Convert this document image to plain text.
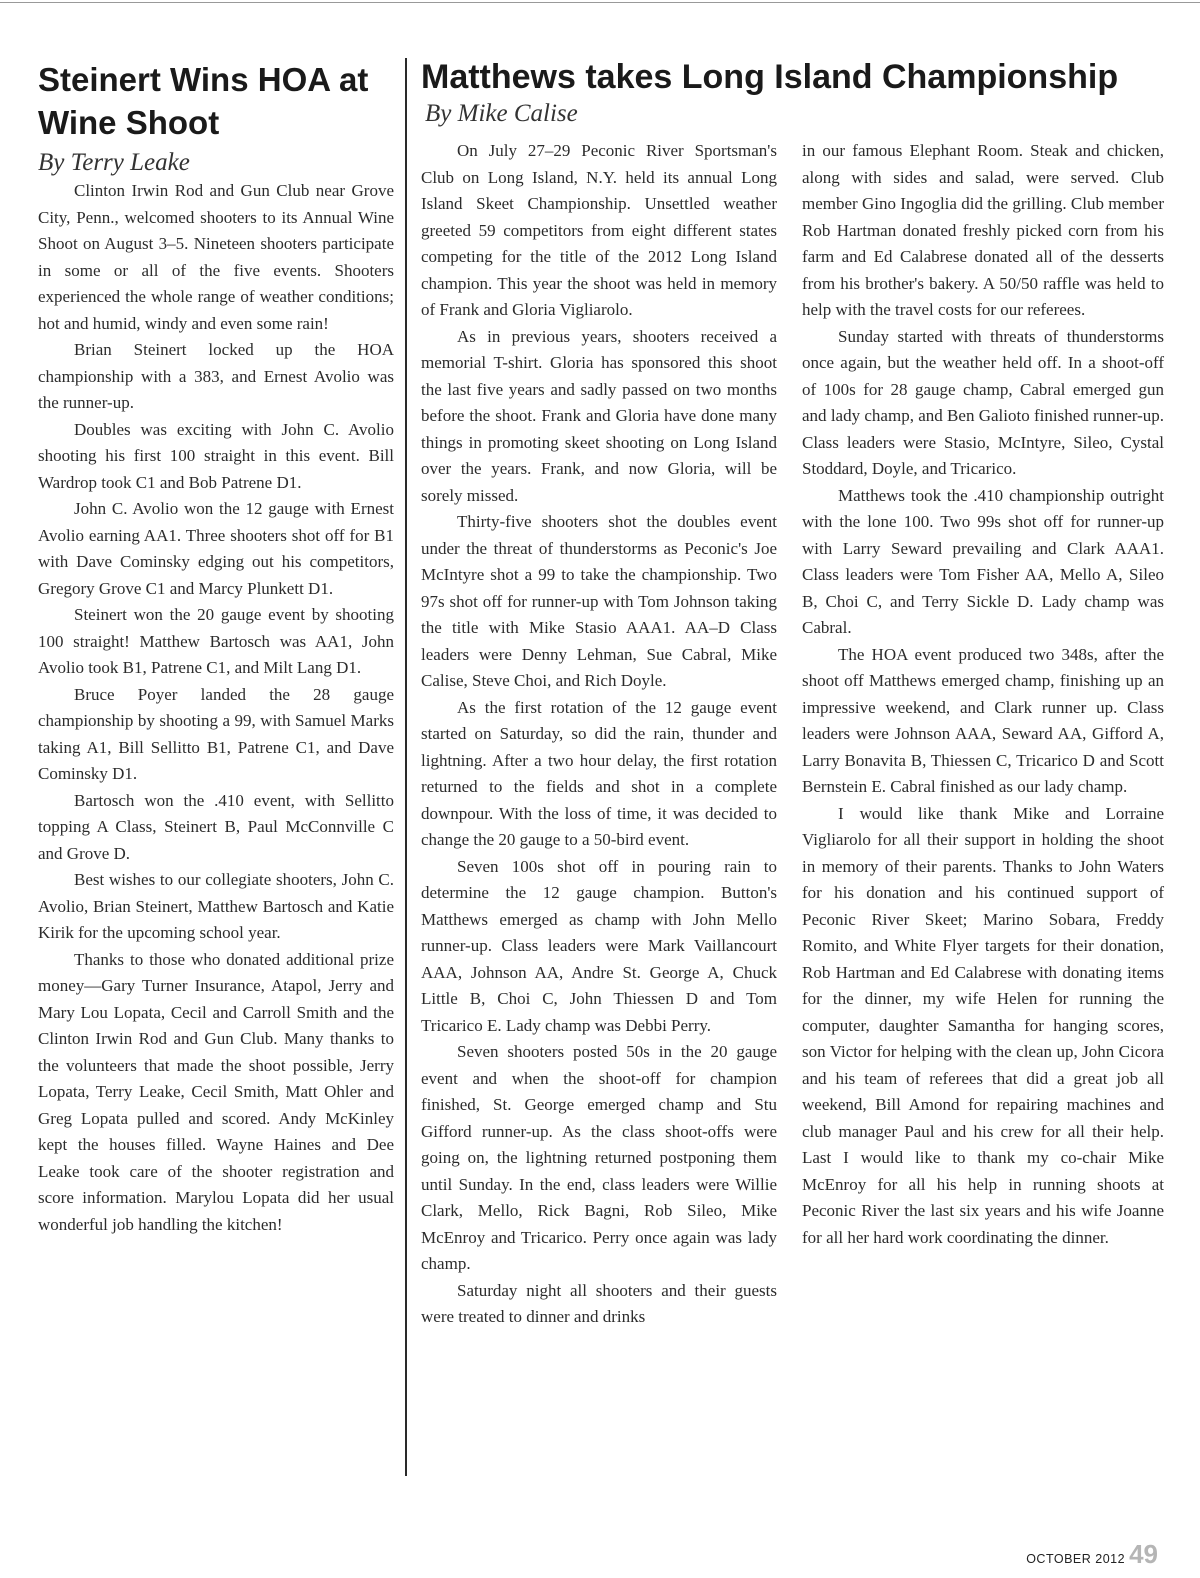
Steinert Wins HOA at Wine Shoot
By Terry Leake

Clinton Irwin Rod and Gun Club near Grove City, Penn., welcomed shooters to its Annual Wine Shoot on August 3–5. Nineteen shooters participate in some or all of the five events. Shooters experienced the whole range of weather conditions; hot and humid, windy and even some rain!

Brian Steinert locked up the HOA championship with a 383, and Ernest Avolio was the runner-up.

Doubles was exciting with John C. Avolio shooting his first 100 straight in this event. Bill Wardrop took C1 and Bob Patrene D1.

John C. Avolio won the 12 gauge with Ernest Avolio earning AA1. Three shooters shot off for B1 with Dave Cominsky edging out his competitors, Gregory Grove C1 and Marcy Plunkett D1.

Steinert won the 20 gauge event by shooting 100 straight! Matthew Bartosch was AA1, John Avolio took B1, Patrene C1, and Milt Lang D1.

Bruce Poyer landed the 28 gauge championship by shooting a 99, with Samuel Marks taking A1, Bill Sellitto B1, Patrene C1, and Dave Cominsky D1.

Bartosch won the .410 event, with Sellitto topping A Class, Steinert B, Paul McConnville C and Grove D.

Best wishes to our collegiate shooters, John C. Avolio, Brian Steinert, Matthew Bartosch and Katie Kirik for the upcoming school year.

Thanks to those who donated additional prize money—Gary Turner Insurance, Atapol, Jerry and Mary Lou Lopata, Cecil and Carroll Smith and the Clinton Irwin Rod and Gun Club. Many thanks to the volunteers that made the shoot possible, Jerry Lopata, Terry Leake, Cecil Smith, Matt Ohler and Greg Lopata pulled and scored. Andy McKinley kept the houses filled. Wayne Haines and Dee Leake took care of the shooter registration and score information. Marylou Lopata did her usual wonderful job handling the kitchen!

Matthews takes Long Island Championship
By Mike Calise

On July 27–29 Peconic River Sportsman's Club on Long Island, N.Y. held its annual Long Island Skeet Championship. Unsettled weather greeted 59 competitors from eight different states competing for the title of the 2012 Long Island champion. This year the shoot was held in memory of Frank and Gloria Vigliarolo.

As in previous years, shooters received a memorial T-shirt. Gloria has sponsored this shoot the last five years and sadly passed on two months before the shoot. Frank and Gloria have done many things in promoting skeet shooting on Long Island over the years. Frank, and now Gloria, will be sorely missed.

Thirty-five shooters shot the doubles event under the threat of thunderstorms as Peconic's Joe McIntyre shot a 99 to take the championship. Two 97s shot off for runner-up with Tom Johnson taking the title with Mike Stasio AAA1. AA–D Class leaders were Denny Lehman, Sue Cabral, Mike Calise, Steve Choi, and Rich Doyle.

As the first rotation of the 12 gauge event started on Saturday, so did the rain, thunder and lightning. After a two hour delay, the first rotation returned to the fields and shot in a complete downpour. With the loss of time, it was decided to change the 20 gauge to a 50-bird event.

Seven 100s shot off in pouring rain to determine the 12 gauge champion. Button's Matthews emerged as champ with John Mello runner-up. Class leaders were Mark Vaillancourt AAA, Johnson AA, Andre St. George A, Chuck Little B, Choi C, John Thiessen D and Tom Tricarico E. Lady champ was Debbi Perry.

Seven shooters posted 50s in the 20 gauge event and when the shoot-off for champion finished, St. George emerged champ and Stu Gifford runner-up. As the class shoot-offs were going on, the lightning returned postponing them until Sunday. In the end, class leaders were Willie Clark, Mello, Rick Bagni, Rob Sileo, Mike McEnroy and Tricarico. Perry once again was lady champ.

Saturday night all shooters and their guests were treated to dinner and drinks

in our famous Elephant Room. Steak and chicken, along with sides and salad, were served. Club member Gino Ingoglia did the grilling. Club member Rob Hartman donated freshly picked corn from his farm and Ed Calabrese donated all of the desserts from his brother's bakery. A 50/50 raffle was held to help with the travel costs for our referees.

Sunday started with threats of thunderstorms once again, but the weather held off. In a shoot-off of 100s for 28 gauge champ, Cabral emerged gun and lady champ, and Ben Galioto finished runner-up. Class leaders were Stasio, McIntyre, Sileo, Cystal Stoddard, Doyle, and Tricarico.

Matthews took the .410 championship outright with the lone 100. Two 99s shot off for runner-up with Larry Seward prevailing and Clark AAA1. Class leaders were Tom Fisher AA, Mello A, Sileo B, Choi C, and Terry Sickle D. Lady champ was Cabral.

The HOA event produced two 348s, after the shoot off Matthews emerged champ, finishing up an impressive weekend, and Clark runner up. Class leaders were Johnson AAA, Seward AA, Gifford A, Larry Bonavita B, Thiessen C, Tricarico D and Scott Bernstein E. Cabral finished as our lady champ.

I would like thank Mike and Lorraine Vigliarolo for all their support in holding the shoot in memory of their parents. Thanks to John Waters for his donation and his continued support of Peconic River Skeet; Marino Sobara, Freddy Romito, and White Flyer targets for their donation, Rob Hartman and Ed Calabrese with donating items for the dinner, my wife Helen for running the computer, daughter Samantha for hanging scores, son Victor for helping with the clean up, John Cicora and his team of referees that did a great job all weekend, Bill Amond for repairing machines and club manager Paul and his crew for all their help. Last I would like to thank my co-chair Mike McEnroy for all his help in running shoots at Peconic River the last six years and his wife Joanne for all her hard work coordinating the dinner.

OCTOBER 2012 49
